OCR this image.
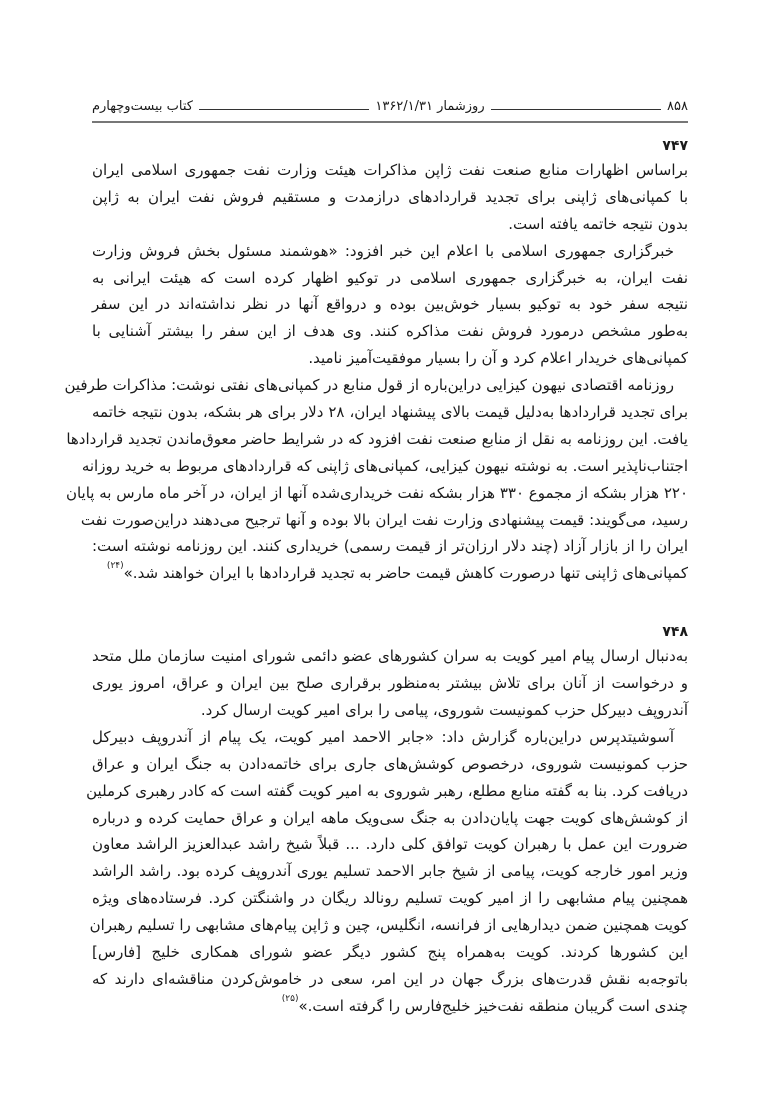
۸۵۸
روزشمار ۱۳۶۲/۱/۳۱
کتاب بیست‌وچهارم
۷۴۷
براساس اظهارات منابع صنعت نفت ژاپن مذاکرات هیئت وزارت نفت جمهوری اسلامی ایران
با کمپانی‌های ژاپنی برای تجدید قراردادهای درازمدت و مستقیم فروش نفت ایران به ژاپن
بدون نتیجه خاتمه یافته است.
خبرگزاری جمهوری اسلامی با اعلام این خبر افزود: «هوشمند مسئول بخش فروش وزارت
نفت ایران، به خبرگزاری جمهوری اسلامی در توکیو اظهار کرده است که هیئت ایرانی به
نتیجه سفر خود به توکیو بسیار خوش‌بین بوده و درواقع آنها در نظر نداشته‌اند در این سفر
به‌طور مشخص درمورد فروش نفت مذاکره کنند. وی هدف از این سفر را بیشتر آشنایی با
کمپانی‌های خریدار اعلام کرد و آن را بسیار موفقیت‌آمیز نامید.
روزنامه اقتصادی نیهون کیزایی دراین‌باره از قول منابع در کمپانی‌های نفتی نوشت: مذاکرات طرفین
برای تجدید قراردادها به‌دلیل قیمت بالای پیشنهاد ایران، ۲۸ دلار برای هر بشکه، بدون نتیجه خاتمه
یافت. این روزنامه به نقل از منابع صنعت نفت افزود که در شرایط حاضر معوق‌ماندن تجدید قراردادها
اجتناب‌ناپذیر است. به نوشته نیهون کیزایی، کمپانی‌های ژاپنی که قراردادهای مربوط به خرید روزانه
۲۲۰ هزار بشکه از مجموع ۳۳۰ هزار بشکه نفت خریداری‌شده آنها از ایران، در آخر ماه مارس به پایان
رسید، می‌گویند: قیمت پیشنهادی وزارت نفت ایران بالا بوده و آنها ترجیح می‌دهند دراین‌صورت نفت
ایران را از بازار آزاد (چند دلار ارزان‌تر از قیمت رسمی) خریداری کنند. این روزنامه نوشته است:
کمپانی‌های ژاپنی تنها درصورت کاهش قیمت حاضر به تجدید قراردادها با ایران خواهند شد.»$^{(۲۴)}$
۷۴۸
به‌دنبال ارسال پیام امیر کویت به سران کشورهای عضو دائمی شورای امنیت سازمان ملل متحد
و درخواست از آنان برای تلاش بیشتر به‌منظور برقراری صلح بین ایران و عراق، امروز یوری
آندروپف دبیرکل حزب کمونیست شوروی، پیامی را برای امیر کویت ارسال کرد.
آسوشیتدپرس دراین‌باره گزارش داد: «جابر الاحمد امیر کویت، یک پیام از آندروپف دبیرکل
حزب کمونیست شوروی، درخصوص کوشش‌های جاری برای خاتمه‌دادن به جنگ ایران و عراق
دریافت کرد. بنا به گفته منابع مطلع، رهبر شوروی به امیر کویت گفته است که کادر رهبری کرملین
از کوشش‌های کویت جهت پایان‌دادن به جنگ سی‌ویک ماهه ایران و عراق حمایت کرده و درباره
ضرورت این عمل با رهبران کویت توافق کلی دارد. ... قبلاً شیخ راشد عبدالعزیز الراشد معاون
وزیر امور خارجه کویت، پیامی از شیخ جابر الاحمد تسلیم یوری آندروپف کرده بود. راشد الراشد
همچنین پیام مشابهی را از امیر کویت تسلیم رونالد ریگان در واشنگتن کرد. فرستاده‌های ویژه
کویت همچنین ضمن دیدارهایی از فرانسه، انگلیس، چین و ژاپن پیام‌های مشابهی را تسلیم رهبران
این کشورها کردند. کویت به‌همراه پنج کشور دیگر عضو شورای همکاری خلیج [فارس]
باتوجه‌به نقش قدرت‌های بزرگ جهان در این امر، سعی در خاموش‌کردن مناقشه‌ای دارند که
چندی است گریبان منطقه نفت‌خیز خلیج‌فارس را گرفته است.»$^{(۲۵)}$
